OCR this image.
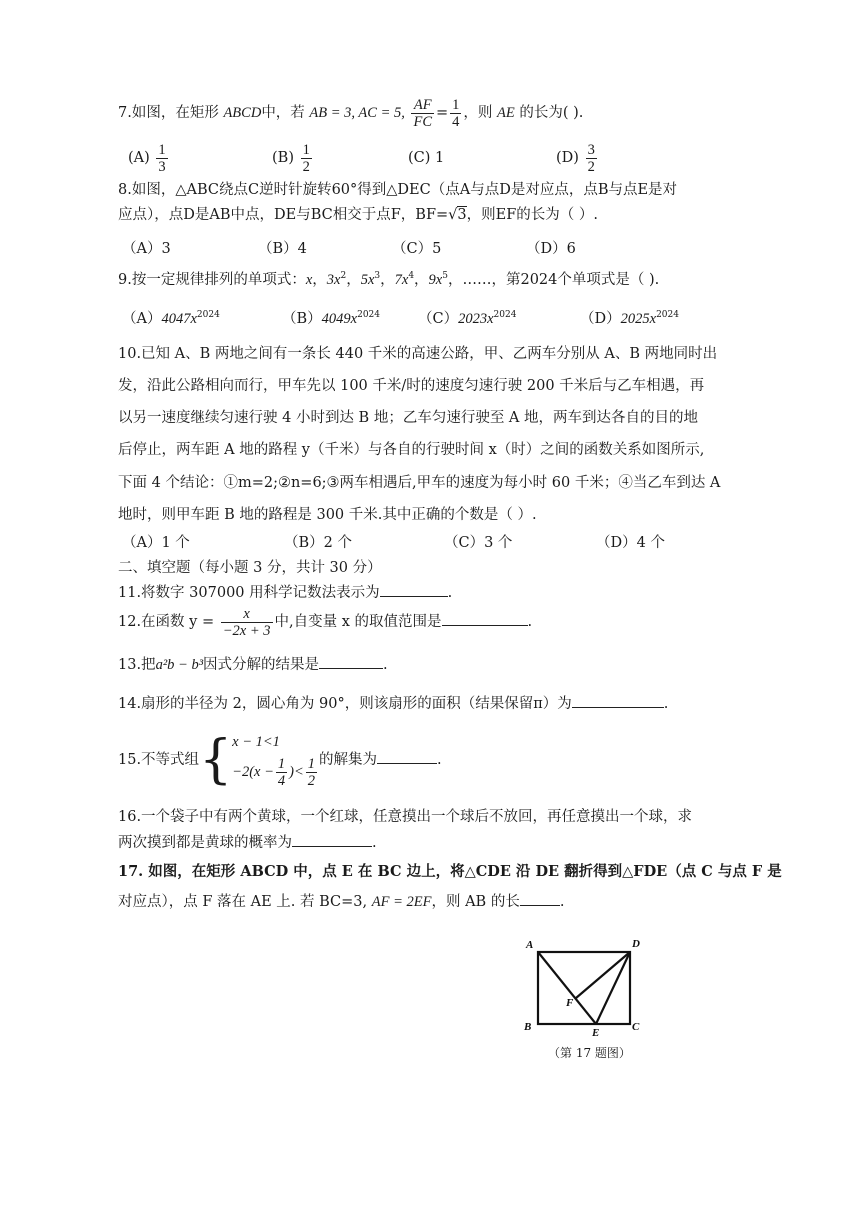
7.如图，在矩形 ABCD中，若 AB = 3, AC = 5, $\frac{AF}{FC} = \frac{1}{4}$ ，则 AE 的长为( ).
$(A) \frac{1}{3}$	$(B) \frac{1}{2}$	(C) 1	$(D) \frac{3}{2}$
8.如图，△ABC绕点C逆时针旋转60°得到△DEC（点A与点D是对应点，点B与点E是对
应点），点D是AB中点，DE与BC相交于点F，BF=√3，则EF的长为（ ）.
（A）3	（B）4	（C）5	（D）6
9.按一定规律排列的单项式：x，$3x^2$，$5x^3$，$7x^4$，$9x^5$，……，第2024个单项式是（ ).
$(A)4047x^{2024}$	$(B)4049x^{2024}$	$(C)2023x^{2024}$	$(D)2025x^{2024}$
10.已知 A、B 两地之间有一条长 440 千米的高速公路，甲、乙两车分别从 A、B 两地同时出
发，沿此公路相向而行，甲车先以 100 千米/时的速度匀速行驶 200 千米后与乙车相遇，再
以另一速度继续匀速行驶 4 小时到达 B 地；乙车匀速行驶至 A 地，两车到达各自的目的地
后停止，两车距 A 地的路程 y（千米）与各自的行驶时间 x（时）之间的函数关系如图所示,
下面 4 个结论：①m=2;②n=6;③两车相遇后,甲车的速度为每小时 60 千米；④当乙车到达 A
地时，则甲车距 B 地的路程是 300 千米.其中正确的个数是（ ）.
（A）1 个	（B）2 个	（C）3 个	（D）4 个
二、填空题（每小题 3 分，共计 30 分）
11.将数字 307000 用科学记数法表示为	.
12.在函数 $y = \frac{x}{-2x + 3}$ 中,自变量 x 的取值范围是	.
13.把a²b − b³因式分解的结果是	.
14.扇形的半径为 2，圆心角为 90°，则该扇形的面积（结果保留π）为	.
15.不等式组{ x − 1<1
$-2(x - \frac{1}{4}$ )< $\frac{1}{2}$ 的解集为	.
16.一个袋子中有两个黄球，一个红球，任意摸出一个球后不放回，再任意摸出一个球，求
两次摸到都是黄球的概率为	.
17. 如图，在矩形 ABCD 中，点 E 在 BC 边上，将△CDE 沿 DE 翻折得到△FDE（点 C 与点 F 是
对应点），点 F 落在 AE 上. 若 BC=3, AF = 2EF，则 AB 的长	.
A	D
B	C
E
F
（第 17 题图）
